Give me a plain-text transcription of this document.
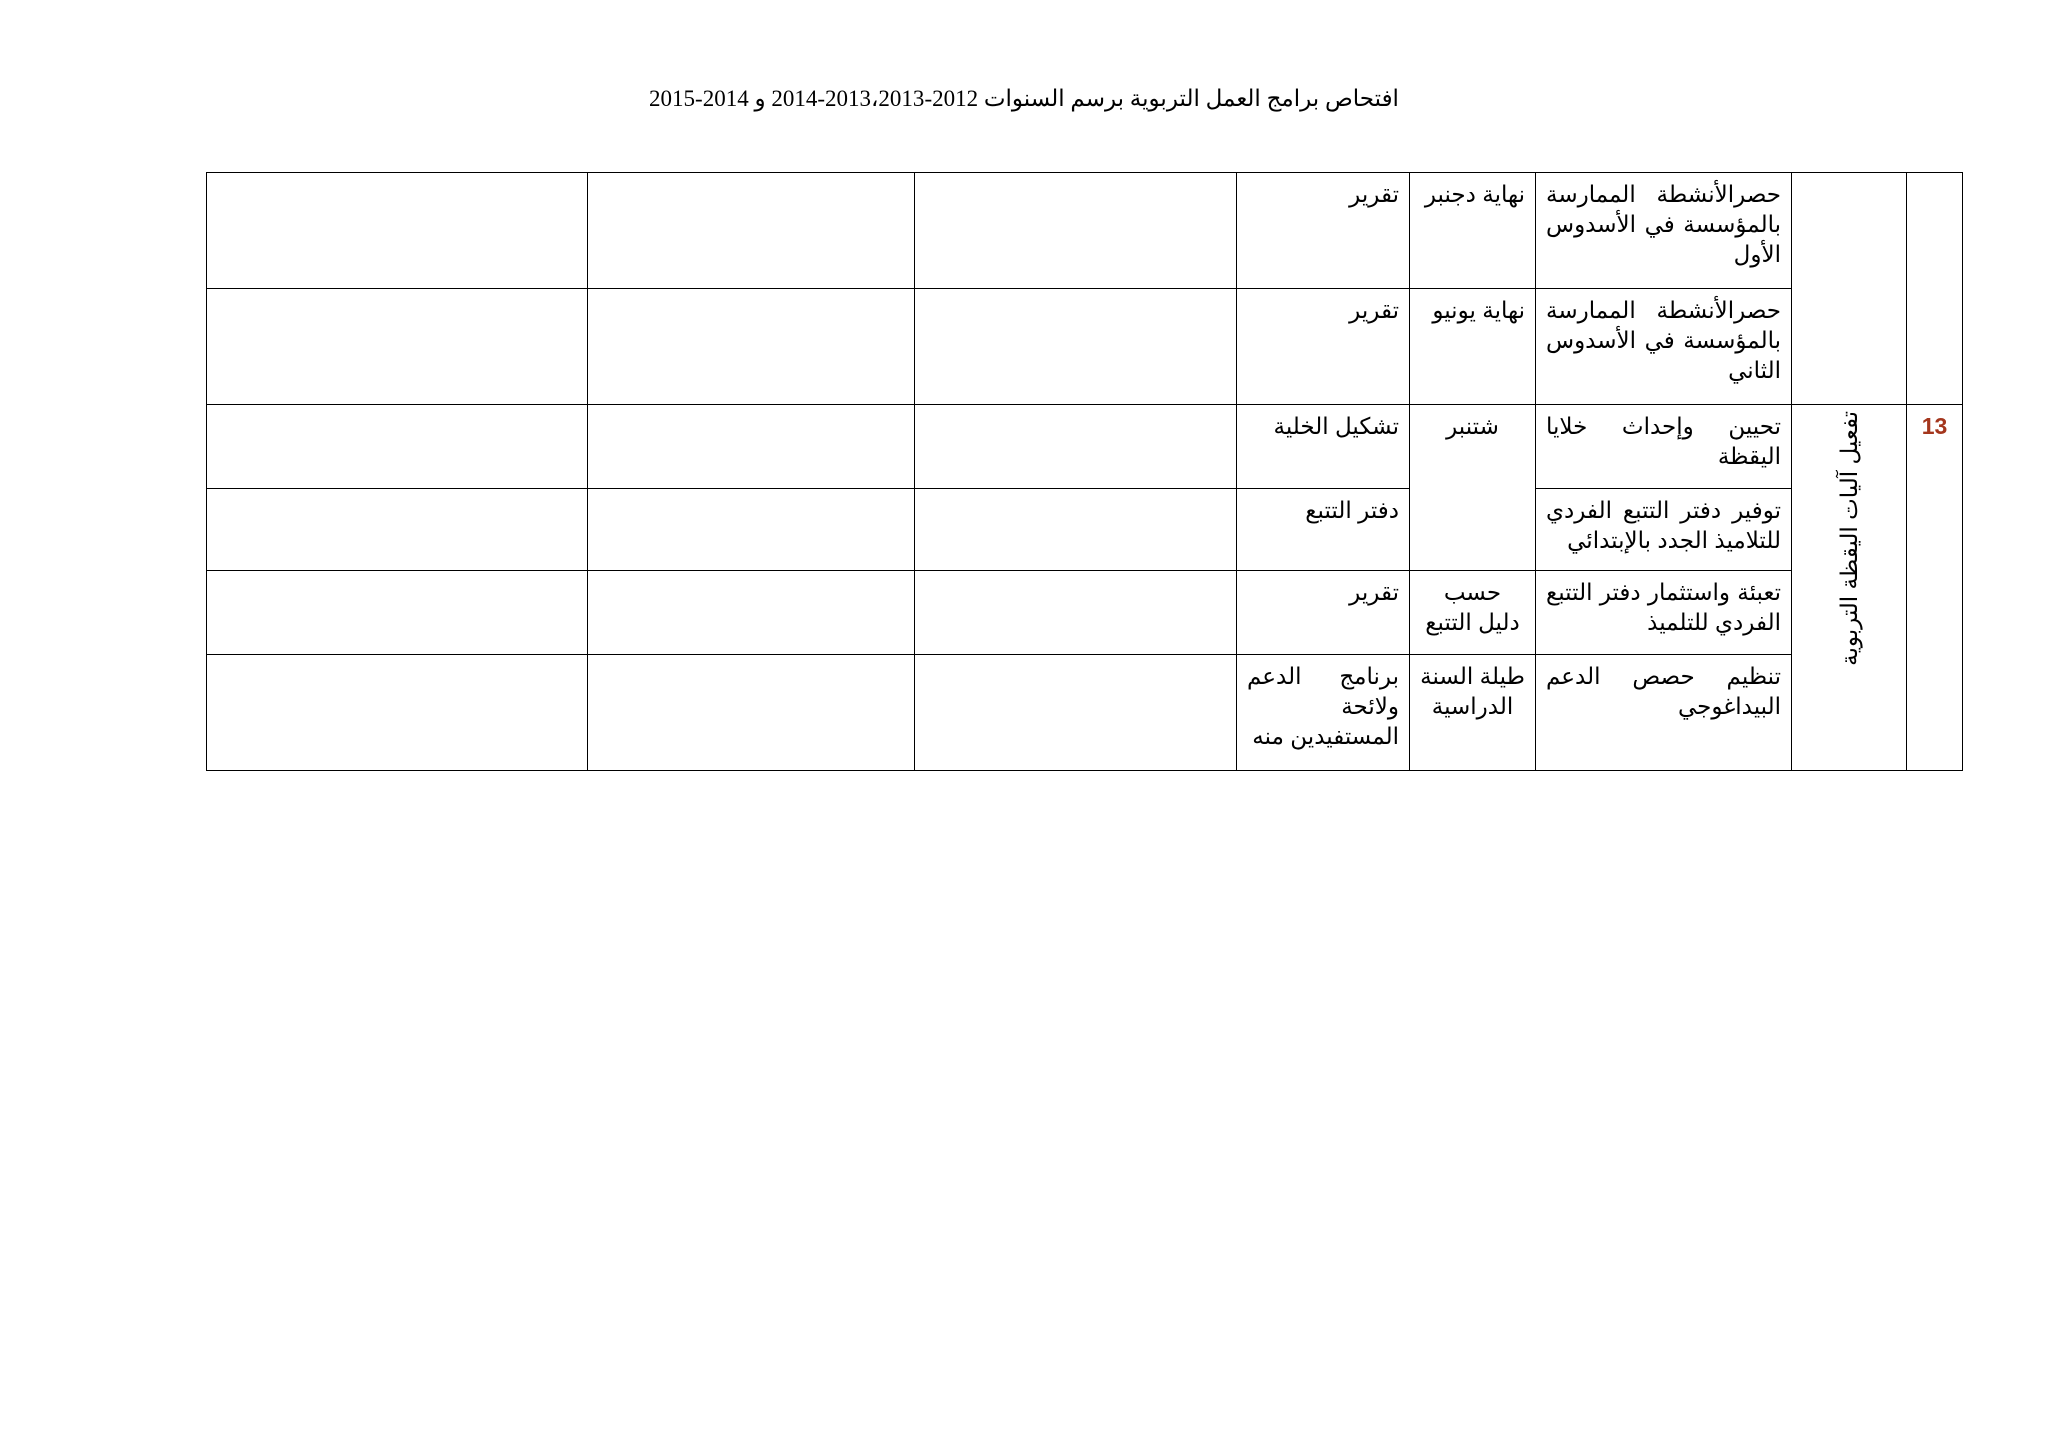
افتحاص برامج العمل التربوية برسم السنوات 2012-2013،2013-2014 و 2014-2015
		حصرالأنشطة الممارسة بالمؤسسة في الأسدوس الأول	نهاية دجنبر	تقرير			
		حصرالأنشطة الممارسة بالمؤسسة في الأسدوس الثاني	نهاية يونيو	تقرير			
13	تفعيل آليات اليقظة التربوية	تحيين وإحداث خلايا اليقظة	شتنبر	تشكيل الخلية			
		توفير دفتر التتبع الفردي للتلاميذ الجدد بالإبتدائي		دفتر التتبع			
		تعبئة واستثمار دفتر التتبع الفردي للتلميذ	حسب دليل التتبع	تقرير			
		تنظيم حصص الدعم البيداغوجي	طيلة السنة الدراسية	برنامج الدعم ولائحة المستفيدين منه			
